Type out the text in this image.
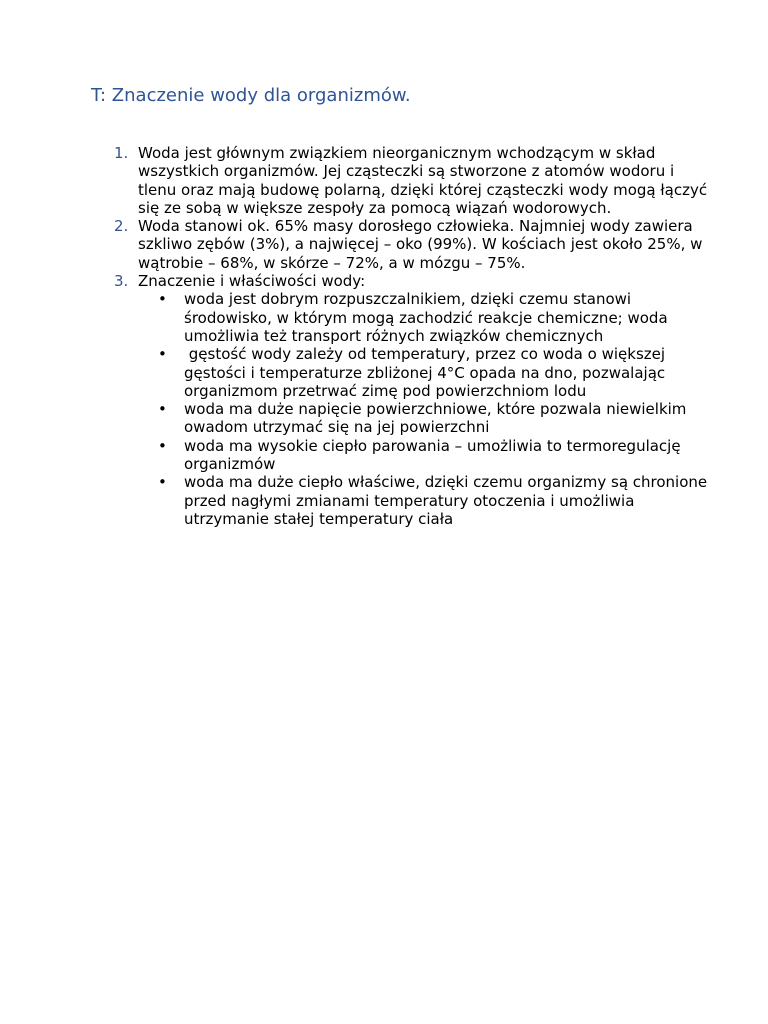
T: Znaczenie wody dla organizmów.
1. Woda jest głównym związkiem nieorganicznym wchodzącym w skład wszystkich organizmów. Jej cząsteczki są stworzone z atomów wodoru i tlenu oraz mają budowę polarną, dzięki której cząsteczki wody mogą łączyć się ze sobą w większe zespoły za pomocą wiązań wodorowych.
2. Woda stanowi ok. 65% masy dorosłego człowieka. Najmniej wody zawiera szkliwo zębów (3%), a najwięcej – oko (99%). W kościach jest około 25%, w wątrobie – 68%, w skórze – 72%, a w mózgu – 75%.
3. Znaczenie i właściwości wody:
• woda jest dobrym rozpuszczalnikiem, dzięki czemu stanowi środowisko, w którym mogą zachodzić reakcje chemiczne; woda umożliwia też transport różnych związków chemicznych
• gęstość wody zależy od temperatury, przez co woda o większej gęstości i temperaturze zbliżonej 4°C opada na dno, pozwalając organizmom przetrwać zimę pod powierzchniom lodu
• woda ma duże napięcie powierzchniowe, które pozwala niewielkim owadom utrzymać się na jej powierzchni
• woda ma wysokie ciepło parowania – umożliwia to termoregulację organizmów
• woda ma duże ciepło właściwe, dzięki czemu organizmy są chronione przed nagłymi zmianami temperatury otoczenia i umożliwia utrzymanie stałej temperatury ciała
